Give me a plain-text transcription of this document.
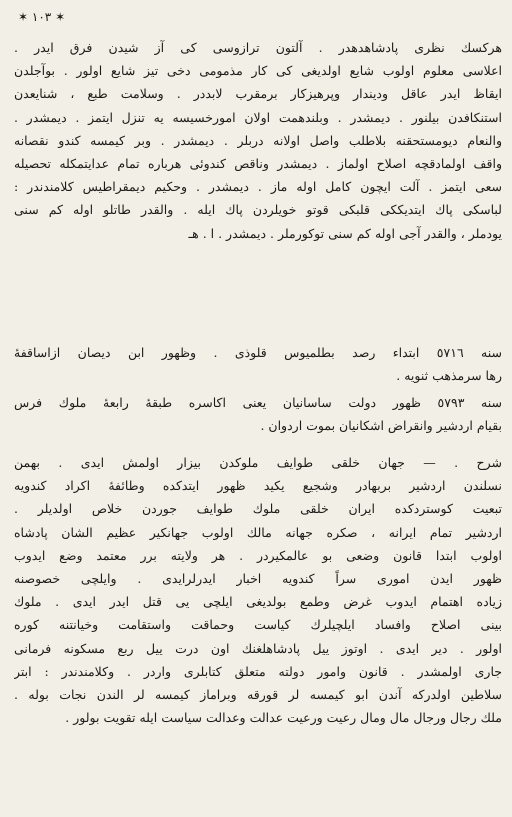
✶ ۱۰۳ ✶
هركسك نظرى پادشاهدهدر . آلتون ترازوسى كى آز شيدن فرق ايدر .
اعلاسى معلوم اولوب شايع اولديغى كى كار مذمومى دخى تيز شايع اولور . بوآجلدن
ايقاظ ايدر عاقل وديندار وپرهيزكار برمقرب لابددر . وسلامت طبع ، شنايعدن
استنكافدن بيلنور . ديمشدر . وبلندهمت اولان امورخسيسه يه تنزل ايتمز . ديمشدر .
والنعام ديومستحقنه بلاطلب واصل اولانه دربلر . ديمشدر . وبر كيمسه كندو نقصانه
واقف اولمادقچه اصلاح اولماز . ديمشدر وناقص كندوئى هرباره تمام عدايتمكله تحصيله
سعى ايتمز . آلت ايچون كامل اوله ماز . ديمشدر . وحكيم ديمقراطيس كلامندندر :
لباسكى پاك ايتديككى قلبكى قوتو خويلردن پاك ايله . والقدر طاتلو اوله كم سنى
يودملر ، والقدر آجى اوله كم سنى توكورملر . ديمشدر . ا . هـ
سنه ٥٧١٦ ابتداء رصد بطلميوس قلوذى . وظهور ابن ديصان ازاساقفهٔ
رها سرمذهب ثنويه .
سنه ٥٧٩٣ ظهور دولت ساسانيان يعنى اكاسره طبقهٔ رابعهٔ ملوك فرس
بقيام اردشير وانقراض اشكانيان بموت اردوان .
شرح . — جهان خلقى طوايف ملوكدن بيزار اولمش ايدى . بهمن
نسلندن اردشير بربهادر وشجيع يكيد ظهور ايتدكده وطائفهٔ اكراد كندويه
تبعيت كوستردكده ايران خلقى ملوك طوايف جوردن خلاص اولديلر .
اردشير تمام ايرانه ، صكره جهانه مالك اولوب جهانكير عظيم الشان پادشاه
اولوب ابتدا قانون وضعى بو عالمكيردر . هر ولايته برر معتمد وضع ايدوب
ظهور ايدن امورى سراً كندويه اخبار ايدرلرايدى . وايلچى خصوصنه
زياده اهتمام ايدوب غرض وطمع بولديغى ايلچى يى قتل ايدر ايدى . ملوك
بينى اصلاح وافساد ايلچيلرك كياست وحماقت واستقامت وخيانتنه كوره
اولور . دير ايدى . اوتوز ييل پادشاهلغنك اون درت ييل ربع مسكونه فرمانى
جارى اولمشدر . قانون وامور دولته متعلق كتابلرى واردر . وكلامندندر : ابتر
سلاطين اولدركه آندن ابو كيمسه لر قورقه وبراماز كيمسه لر الندن نجات بوله .
ملك رجال ورجال مال ومال رعيت ورعيت عدالت وعدالت سياست ايله تقويت بولور .
